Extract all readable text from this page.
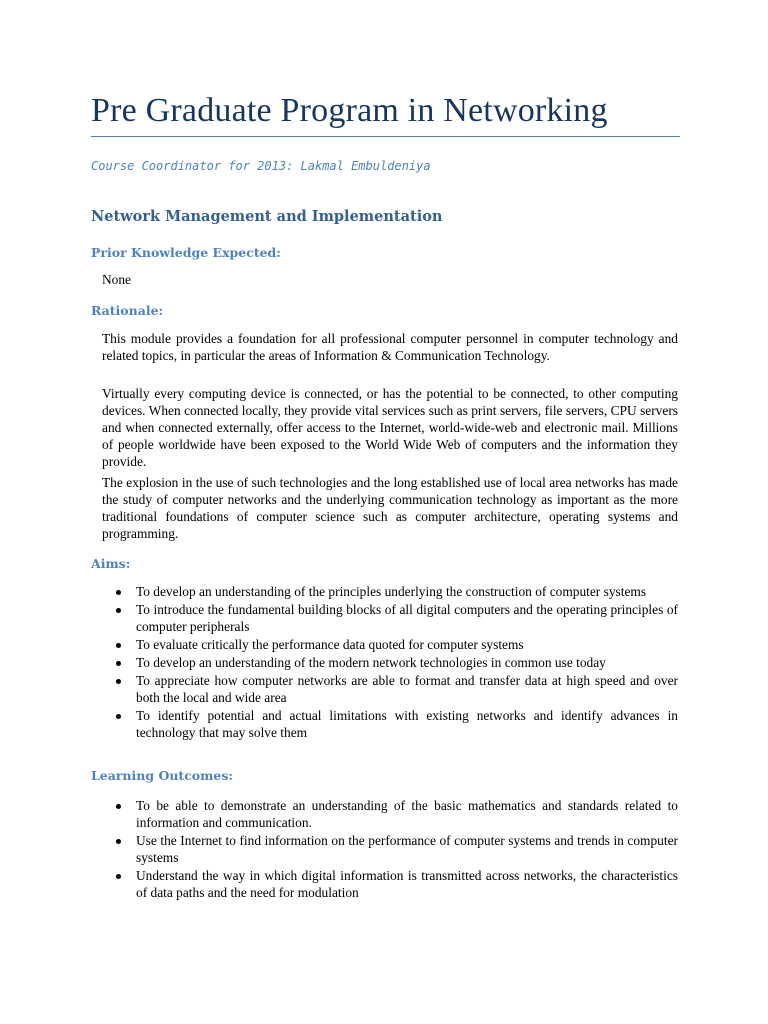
Pre Graduate Program in Networking

Course Coordinator for 2013: Lakmal Embuldeniya

Network Management and Implementation
Prior Knowledge Expected:

None

Rationale:

This module provides a foundation for all professional computer personnel in computer technology and related topics, in particular the areas of Information & Communication Technology.

Virtually every computing device is connected, or has the potential to be connected, to other computing devices. When connected locally, they provide vital services such as print servers, file servers, CPU servers and when connected externally, offer access to the Internet, world-wide-web and electronic mail. Millions of people worldwide have been exposed to the World Wide Web of computers and the information they provide.

The explosion in the use of such technologies and the long established use of local area networks has made the study of computer networks and the underlying communication technology as important as the more traditional foundations of computer science such as computer architecture, operating systems and programming.

Aims:
To develop an understanding of the principles underlying the construction of computer systems
To introduce the fundamental building blocks of all digital computers and the operating principles of computer peripherals
To evaluate critically the performance data quoted for computer systems
To develop an understanding of the modern network technologies in common use today
To appreciate how computer networks are able to format and transfer data at high speed and over both the local and wide area
To identify potential and actual limitations with existing networks and identify advances in technology that may solve them
Learning Outcomes:
To be able to demonstrate an understanding of the basic mathematics and standards related to information and communication.
Use the Internet to find information on the performance of computer systems and trends in computer systems
Understand the way in which digital information is transmitted across networks, the characteristics of data paths and the need for modulation
